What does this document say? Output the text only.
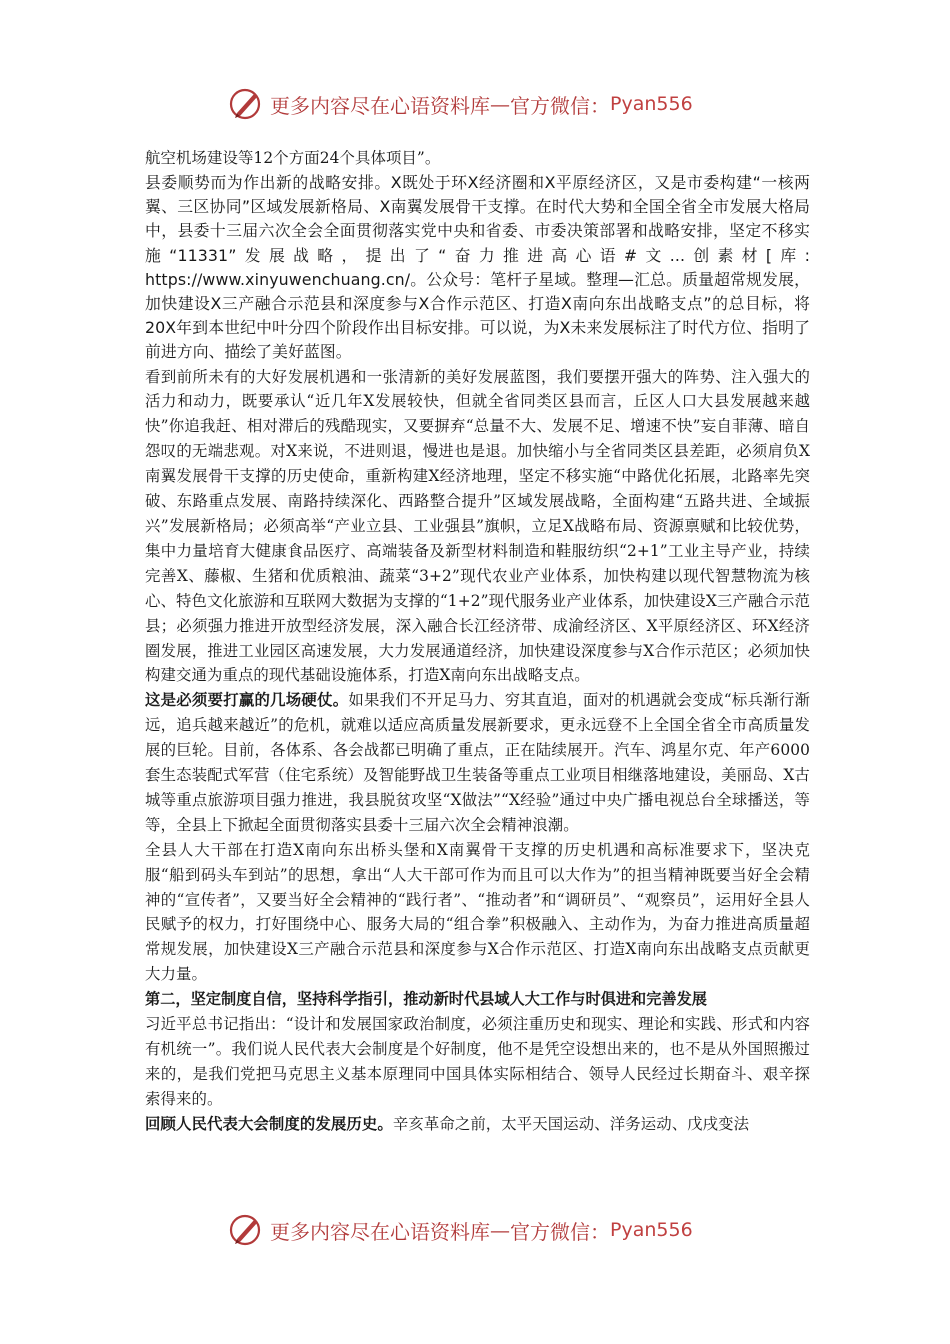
更多内容尽在心语资料库 — 官方微信： Pyan556

航空机场建设等12个方面24个具体项目”。

县委顺势而为作出新的战略安排。X既处于环X经济圈和X平原经济区，又是市委构建“一核两翼、三区协同”区域发展新格局、X南翼发展骨干支撑。在时代大势和全国全省全市发展大格局中，县委十三届六次全会全面贯彻落实党中央和省委、市委决策部署和战略安排，坚定不移实施“11331”发展战略，提出了“奋力推进高心语#文...创素材[库: https://www.xinyuwenchuang.cn/。公众号：笔杆子星域。整理—汇总。质量超常规发展，加快建设X三产融合示范县和深度参与X合作示范区、打造X南向东出战略支点”的总目标，将20X年到本世纪中叶分四个阶段作出目标安排。可以说，为X未来发展标注了时代方位、指明了前进方向、描绘了美好蓝图。

看到前所未有的大好发展机遇和一张清新的美好发展蓝图，我们要摆开强大的阵势、注入强大的活力和动力，既要承认“近几年X发展较快，但就全省同类区县而言，丘区人口大县发展越来越快”你追我赶、相对滞后的残酷现实，又要摒弃“总量不大、发展不足、增速不快”妄自菲薄、暗自怨叹的无端悲观。对X来说，不进则退，慢进也是退。加快缩小与全省同类区县差距，必须肩负X南翼发展骨干支撑的历史使命，重新构建X经济地理，坚定不移实施“中路优化拓展，北路率先突破、东路重点发展、南路持续深化、西路整合提升”区域发展战略，全面构建“五路共进、全域振兴”发展新格局；必须高举“产业立县、工业强县”旗帜，立足X战略布局、资源禀赋和比较优势，集中力量培育大健康食品医疗、高端装备及新型材料制造和鞋服纺织“2+1”工业主导产业，持续完善X、藤椒、生猪和优质粮油、蔬菜“3+2”现代农业产业体系，加快构建以现代智慧物流为核心、特色文化旅游和互联网大数据为支撑的“1+2”现代服务业产业体系，加快建设X三产融合示范县；必须强力推进开放型经济发展，深入融合长江经济带、成渝经济区、X平原经济区、环X经济圈发展，推进工业园区高速发展，大力发展通道经济，加快建设深度参与X合作示范区；必须加快构建交通为重点的现代基础设施体系，打造X南向东出战略支点。

这是必须要打赢的几场硬仗。如果我们不开足马力、穷其直追，面对的机遇就会变成“标兵渐行渐远，追兵越来越近”的危机，就难以适应高质量发展新要求，更永远登不上全国全省全市高质量发展的巨轮。目前，各体系、各会战都已明确了重点，正在陆续展开。汽车、鸿星尔克、年产6000套生态装配式军营（住宅系统）及智能野战卫生装备等重点工业项目相继落地建设，美丽岛、X古城等重点旅游项目强力推进，我县脱贫攻坚“X做法”“X经验”通过中央广播电视总台全球播送，等等，全县上下掀起全面贯彻落实县委十三届六次全会精神浪潮。

全县人大干部在打造X南向东出桥头堡和X南翼骨干支撑的历史机遇和高标准要求下，坚决克服“船到码头车到站”的思想，拿出“人大干部可作为而且可以大作为”的担当精神既要当好全会精神的“宣传者”，又要当好全会精神的“践行者”、“推动者”和“调研员”、“观察员”，运用好全县人民赋予的权力，打好围绕中心、服务大局的“组合拳”积极融入、主动作为，为奋力推进高质量超常规发展，加快建设X三产融合示范县和深度参与X合作示范区、打造X南向东出战略支点贡献更大力量。

第二，坚定制度自信，坚持科学指引，推动新时代县域人大工作与时俱进和完善发展

习近平总书记指出：“设计和发展国家政治制度，必须注重历史和现实、理论和实践、形式和内容有机统一”。我们说人民代表大会制度是个好制度，他不是凭空设想出来的，也不是从外国照搬过来的，是我们党把马克思主义基本原理同中国具体实际相结合、领导人民经过长期奋斗、艰辛探索得来的。

回顾人民代表大会制度的发展历史。辛亥革命之前，太平天国运动、洋务运动、戊戌变法

更多内容尽在心语资料库 — 官方微信： Pyan556
